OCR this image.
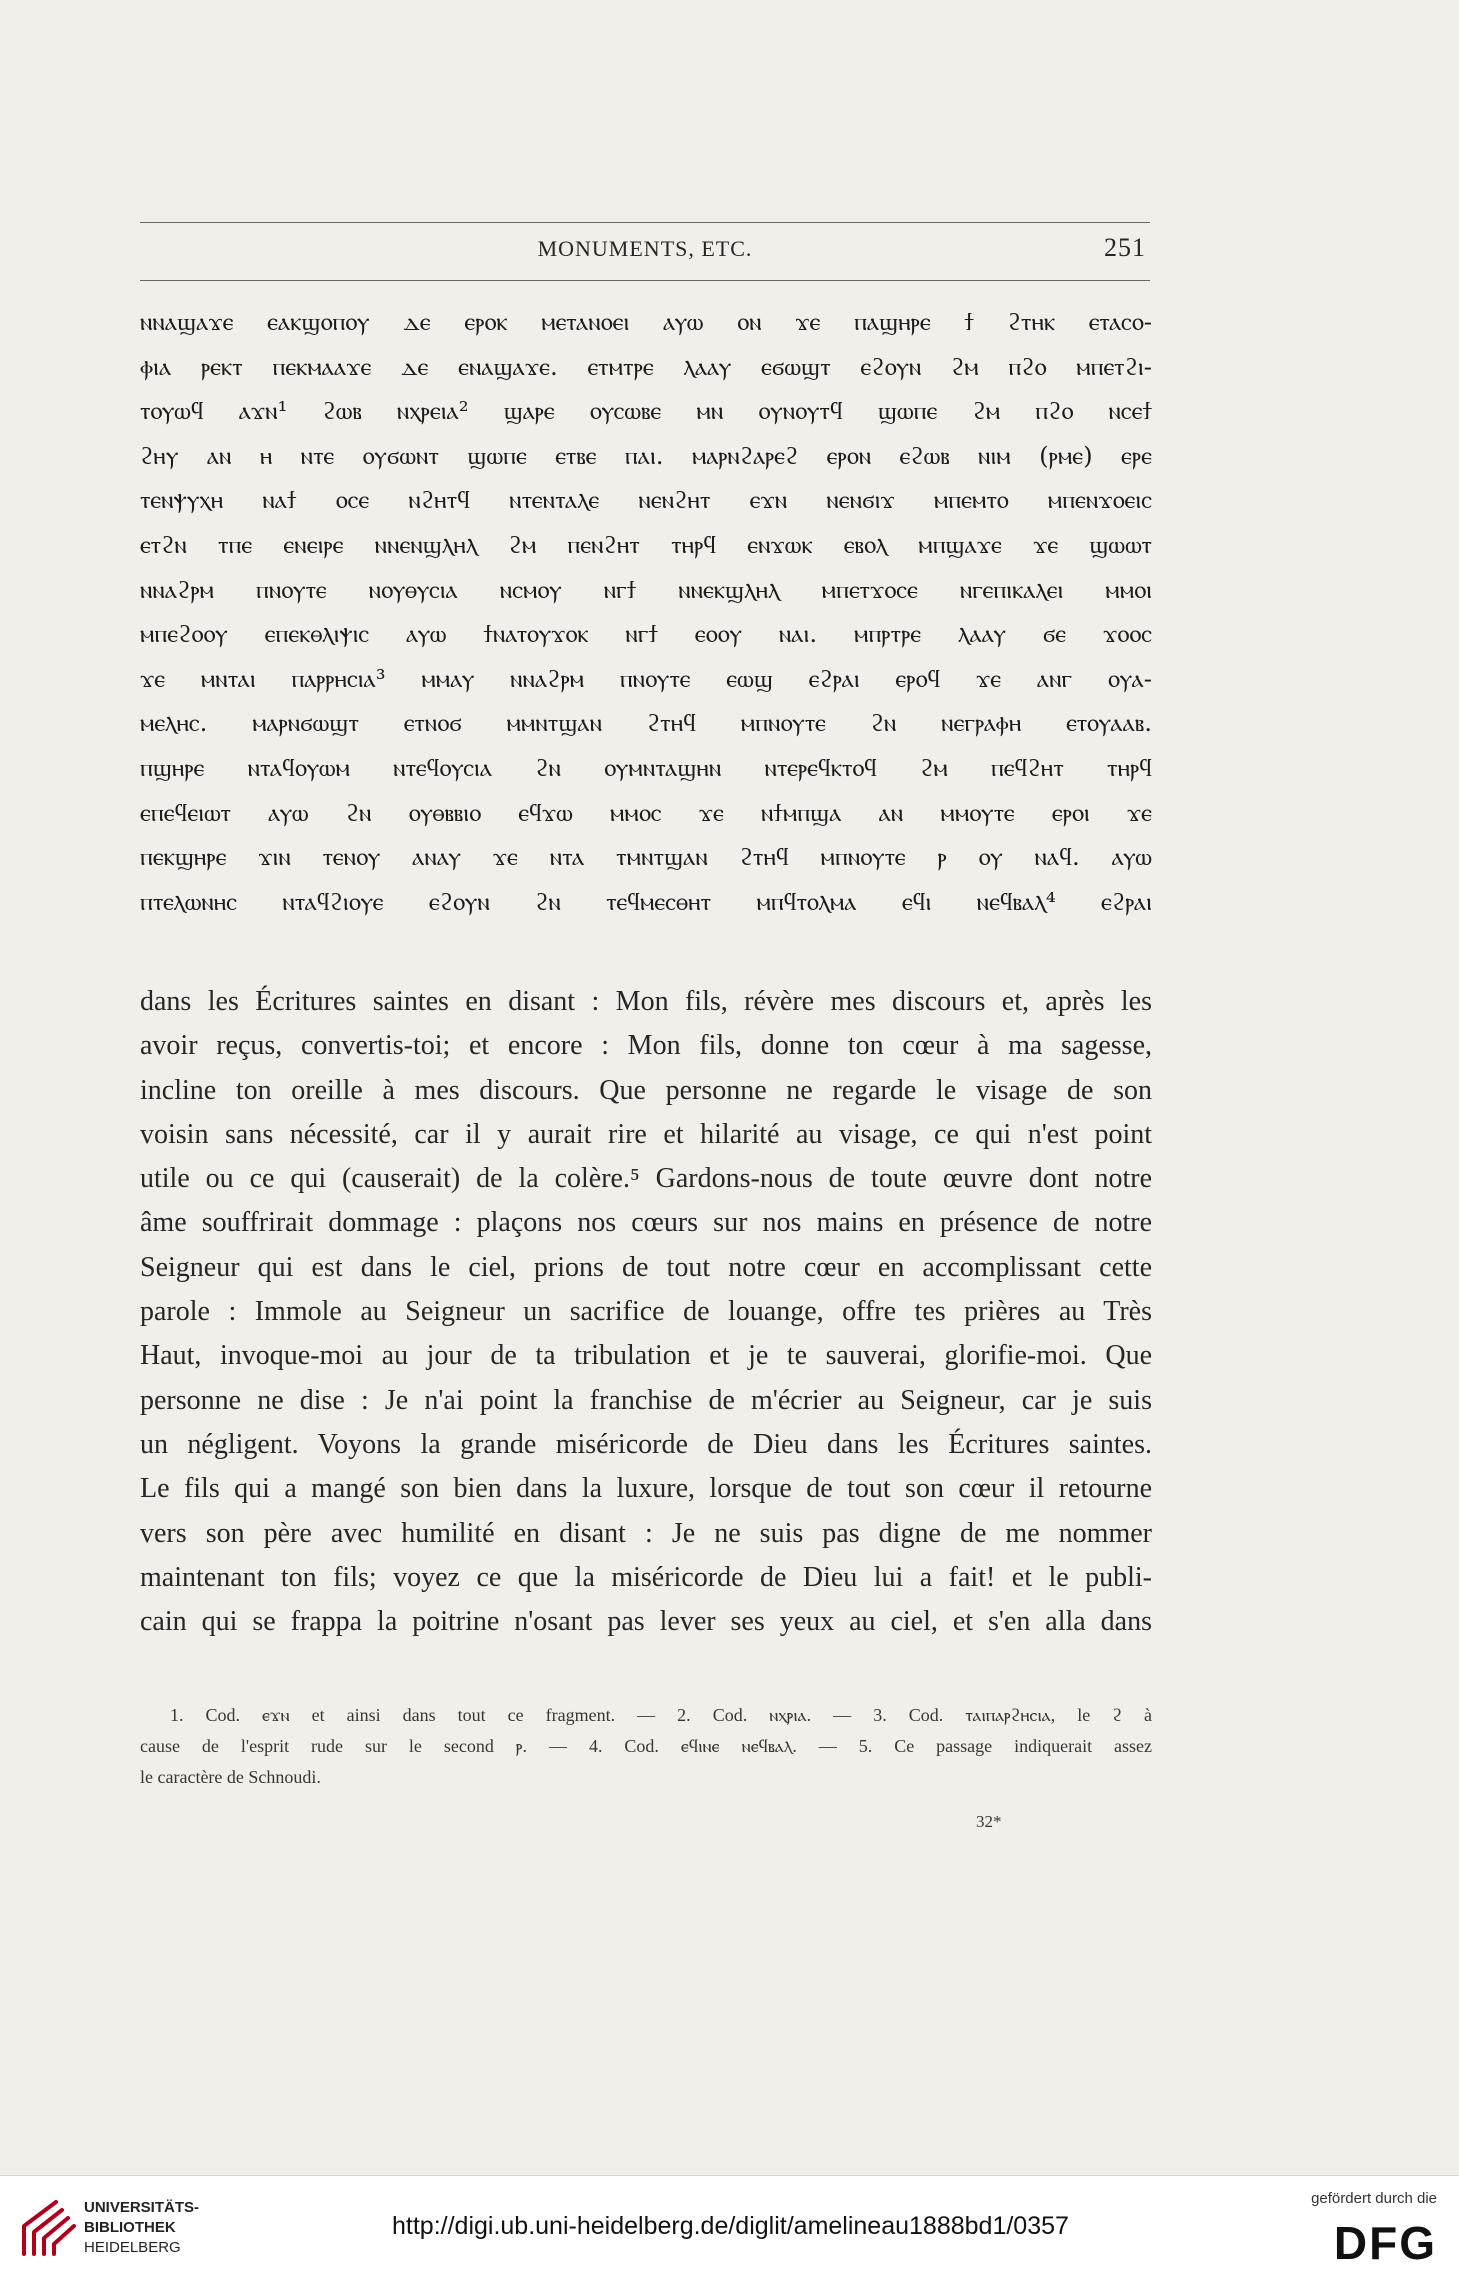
MONUMENTS, ETC.	251
ⲛⲛⲁϣⲁϫⲉ ⲉⲁⲕϣⲟⲡⲟⲩ ⲇⲉ ⲉⲣⲟⲕ ⲙⲉⲧⲁⲛⲟⲉⲓ ⲁⲩⲱ ⲟⲛ ϫⲉ ⲡⲁϣⲏⲣⲉ ϯ ϩⲧⲏⲕ ⲉⲧⲁⲥⲟ-
ⲫⲓⲁ ⲣⲉⲕⲧ ⲡⲉⲕⲙⲁⲁϫⲉ ⲇⲉ ⲉⲛⲁϣⲁϫⲉ. ⲉⲧⲙⲧⲣⲉ ⲗⲁⲁⲩ ⲉϭⲱϣⲧ ⲉϩⲟⲩⲛ ϩⲙ ⲡϩⲟ ⲙⲡⲉⲧϩⲓ-
ⲧⲟⲩⲱϥ ⲁϫⲛ¹ ϩⲱⲃ ⲛⲭⲣⲉⲓⲁ² ϣⲁⲣⲉ ⲟⲩⲥⲱⲃⲉ ⲙⲛ ⲟⲩⲛⲟⲩⲧϥ ϣⲱⲡⲉ ϩⲙ ⲡϩⲟ ⲛⲥⲉϯ
ϩⲏⲩ ⲁⲛ ⲏ ⲛⲧⲉ ⲟⲩϭⲱⲛⲧ ϣⲱⲡⲉ ⲉⲧⲃⲉ ⲡⲁⲓ. ⲙⲁⲣⲛϩⲁⲣⲉϩ ⲉⲣⲟⲛ ⲉϩⲱⲃ ⲛⲓⲙ (ⲣⲙⲉ) ⲉⲣⲉ
ⲧⲉⲛⲯⲩⲭⲏ ⲛⲁϯ ⲟⲥⲉ ⲛϩⲏⲧϥ ⲛⲧⲉⲛⲧⲁⲗⲉ ⲛⲉⲛϩⲏⲧ ⲉϫⲛ ⲛⲉⲛϭⲓϫ ⲙⲡⲉⲙⲧⲟ ⲙⲡⲉⲛϫⲟⲉⲓⲥ
ⲉⲧϩⲛ ⲧⲡⲉ ⲉⲛⲉⲓⲣⲉ ⲛⲛⲉⲛϣⲗⲏⲗ ϩⲙ ⲡⲉⲛϩⲏⲧ ⲧⲏⲣϥ ⲉⲛϫⲱⲕ ⲉⲃⲟⲗ ⲙⲡϣⲁϫⲉ ϫⲉ ϣⲱⲱⲧ
ⲛⲛⲁϩⲣⲙ ⲡⲛⲟⲩⲧⲉ ⲛⲟⲩⲑⲩⲥⲓⲁ ⲛⲥⲙⲟⲩ ⲛⲅϯ ⲛⲛⲉⲕϣⲗⲏⲗ ⲙⲡⲉⲧϫⲟⲥⲉ ⲛⲅⲉⲡⲓⲕⲁⲗⲉⲓ ⲙⲙⲟⲓ
ⲙⲡⲉϩⲟⲟⲩ ⲉⲡⲉⲕⲑⲗⲓⲯⲓⲥ ⲁⲩⲱ ϯⲛⲁⲧⲟⲩϫⲟⲕ ⲛⲅϯ ⲉⲟⲟⲩ ⲛⲁⲓ. ⲙⲡⲣⲧⲣⲉ ⲗⲁⲁⲩ ϭⲉ ϫⲟⲟⲥ
ϫⲉ ⲙⲛⲧⲁⲓ ⲡⲁⲣⲣⲏⲥⲓⲁ³ ⲙⲙⲁⲩ ⲛⲛⲁϩⲣⲙ ⲡⲛⲟⲩⲧⲉ ⲉⲱϣ ⲉϩⲣⲁⲓ ⲉⲣⲟϥ ϫⲉ ⲁⲛⲅ ⲟⲩⲁ-
ⲙⲉⲗⲏⲥ. ⲙⲁⲣⲛϭⲱϣⲧ ⲉⲧⲛⲟϭ ⲙⲙⲛⲧϣⲁⲛ ϩⲧⲏϥ ⲙⲡⲛⲟⲩⲧⲉ ϩⲛ ⲛⲉⲅⲣⲁⲫⲏ ⲉⲧⲟⲩⲁⲁⲃ.
ⲡϣⲏⲣⲉ ⲛⲧⲁϥⲟⲩⲱⲙ ⲛⲧⲉϥⲟⲩⲥⲓⲁ ϩⲛ ⲟⲩⲙⲛⲧⲁϣⲏⲛ ⲛⲧⲉⲣⲉϥⲕⲧⲟϥ ϩⲙ ⲡⲉϥϩⲏⲧ ⲧⲏⲣϥ
ⲉⲡⲉϥⲉⲓⲱⲧ ⲁⲩⲱ ϩⲛ ⲟⲩⲑⲃⲃⲓⲟ ⲉϥϫⲱ ⲙⲙⲟⲥ ϫⲉ ⲛϯⲙⲡϣⲁ ⲁⲛ ⲙⲙⲟⲩⲧⲉ ⲉⲣⲟⲓ ϫⲉ
ⲡⲉⲕϣⲏⲣⲉ ϫⲓⲛ ⲧⲉⲛⲟⲩ ⲁⲛⲁⲩ ϫⲉ ⲛⲧⲁ ⲧⲙⲛⲧϣⲁⲛ ϩⲧⲏϥ ⲙⲡⲛⲟⲩⲧⲉ ⲣ ⲟⲩ ⲛⲁϥ. ⲁⲩⲱ
ⲡⲧⲉⲗⲱⲛⲏⲥ ⲛⲧⲁϥϩⲓⲟⲩⲉ ⲉϩⲟⲩⲛ ϩⲛ ⲧⲉϥⲙⲉⲥⲑⲏⲧ ⲙⲡϥⲧⲟⲗⲙⲁ ⲉϥⲓ ⲛⲉϥⲃⲁⲗ⁴ ⲉϩⲣⲁⲓ
dans les Écritures saintes en disant : Mon fils, révère mes discours et, après les
avoir reçus, convertis-toi; et encore : Mon fils, donne ton cœur à ma sagesse,
incline ton oreille à mes discours. Que personne ne regarde le visage de son
voisin sans nécessité, car il y aurait rire et hilarité au visage, ce qui n'est point
utile ou ce qui (causerait) de la colère.⁵ Gardons-nous de toute œuvre dont notre
âme souffrirait dommage : plaçons nos cœurs sur nos mains en présence de notre
Seigneur qui est dans le ciel, prions de tout notre cœur en accomplissant cette
parole : Immole au Seigneur un sacrifice de louange, offre tes prières au Très
Haut, invoque-moi au jour de ta tribulation et je te sauverai, glorifie-moi. Que
personne ne dise : Je n'ai point la franchise de m'écrier au Seigneur, car je suis
un négligent. Voyons la grande miséricorde de Dieu dans les Écritures saintes.
Le fils qui a mangé son bien dans la luxure, lorsque de tout son cœur il retourne
vers son père avec humilité en disant : Je ne suis pas digne de me nommer
maintenant ton fils; voyez ce que la miséricorde de Dieu lui a fait! et le publi-
cain qui se frappa la poitrine n'osant pas lever ses yeux au ciel, et s'en alla dans
1. Cod. ⲉϫⲛ et ainsi dans tout ce fragment. — 2. Cod. ⲛⲭⲣⲓⲁ. — 3. Cod. ⲧⲁⲓⲡⲁⲣϩⲏⲥⲓⲁ, le ϩ à
cause de l'esprit rude sur le second ⲣ. — 4. Cod. ⲉϥⲓⲛⲉ ⲛⲉϥⲃⲁⲗ. — 5. Ce passage indiquerait assez
le caractère de Schnoudi.
32*
UNIVERSITÄTS-
BIBLIOTHEK
HEIDELBERG
http://digi.ub.uni-heidelberg.de/diglit/amelineau1888bd1/0357
gefördert durch die
DFG
